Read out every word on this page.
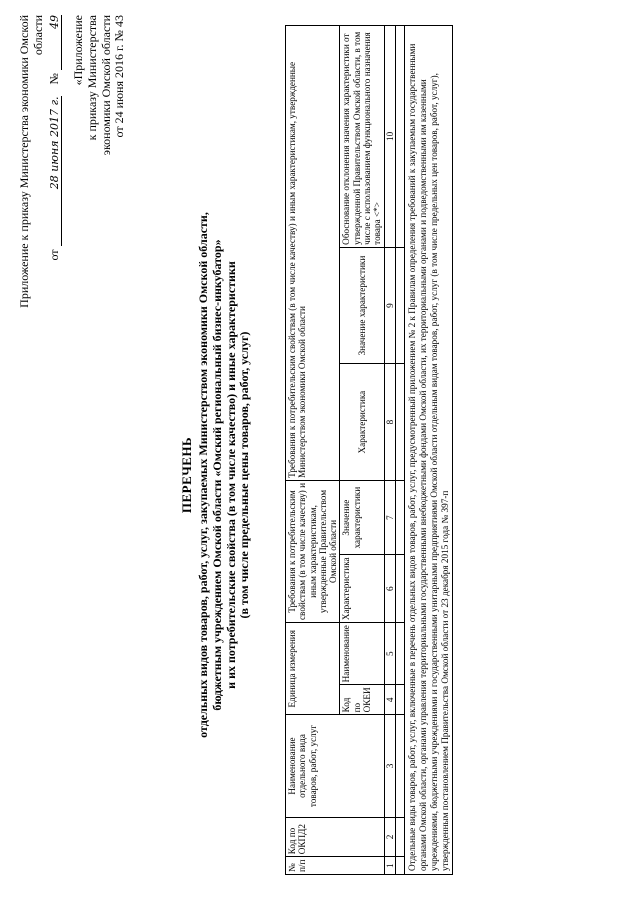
Приложение к приказу Министерства экономики Омской области
от 28 июня 2017 г.    № 49 «Приложение к приказу Министерства экономики Омской области от 24 июня 2016 г. № 43
ПЕРЕЧЕНЬ отдельных видов товаров, работ, услуг, закупаемых Министерством экономики Омской области, бюджетным учреждением Омской области «Омский региональный бизнес-инкубатор» и их потребительские свойства (в том числе качество) и иные характеристики (в том числе предельные цены товаров, работ, услуг)
№ п/п	Код по ОКПД2	Наименование отдельного вида товаров, работ, услуг	Единица измерения		Требования к потребительским свойствам (в том числе качеству) и иным характеристикам, утвержденные Правительством Омской области		Требования к потребительским свойствам (в том числе качеству) и иным характеристикам, утвержденные Министерством экономики Омской области		
			Код по ОКЕИ	Наименование	Характеристика	Значение характеристики	Характеристика	Значение характеристики	Обоснование отклонения значения характеристики от утвержденной Правительством Омской области, в том числе с использованием функционального назначения товара <*>
1	2	3	4	5	6	7	8	9	10

Отдельные виды товаров, работ, услуг, включенные в перечень отдельных видов товаров, работ, услуг, предусмотренный приложением № 2 к Правилам определения требований к закупаемым государственными органами Омской области, органами управления территориальными государственными внебюджетными фондами Омской области, их территориальными органами и подведомственными им казенными учреждениями, бюджетными учреждениями и государственными унитарными предприятиями Омской области отдельным видам товаров, работ, услуг (в том числе предельных цен товаров, работ, услуг), утвержденным постановлением Правительства Омской области от 23 декабря 2015 года № 397-п									
